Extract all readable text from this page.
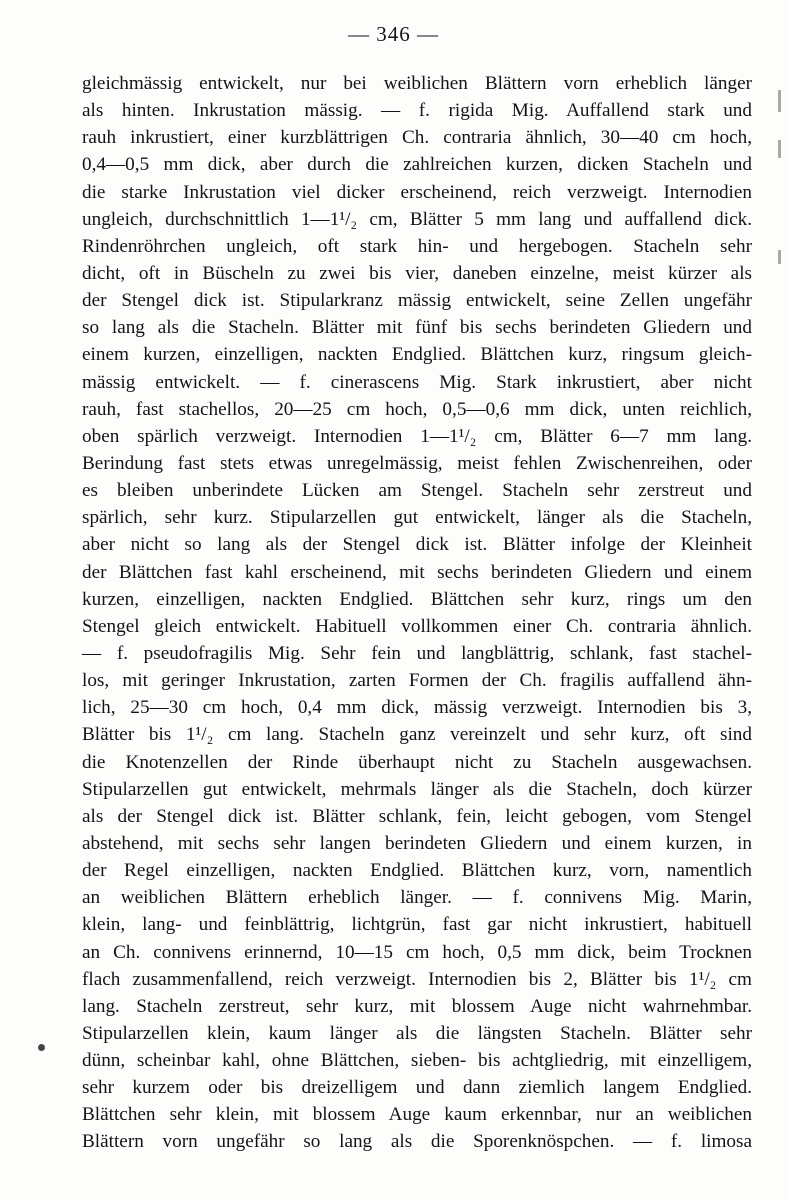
— 346 —
gleichmässig entwickelt, nur bei weiblichen Blättern vorn erheblich länger
als hinten. Inkrustation mässig. — f. rigida Mig. Auffallend stark und
rauh inkrustiert, einer kurzblättrigen Ch. contraria ähnlich, 30—40 cm hoch,
0,4—0,5 mm dick, aber durch die zahlreichen kurzen, dicken Stacheln und
die starke Inkrustation viel dicker erscheinend, reich verzweigt. Internodien
ungleich, durchschnittlich 1—1¹/₂ cm, Blätter 5 mm lang und auffallend dick.
Rindenröhrchen ungleich, oft stark hin- und hergebogen. Stacheln sehr
dicht, oft in Büscheln zu zwei bis vier, daneben einzelne, meist kürzer als
der Stengel dick ist. Stipularkranz mässig entwickelt, seine Zellen ungefähr
so lang als die Stacheln. Blätter mit fünf bis sechs berindeten Gliedern und
einem kurzen, einzelligen, nackten Endglied. Blättchen kurz, ringsum gleich-
mässig entwickelt. — f. cinerascens Mig. Stark inkrustiert, aber nicht
rauh, fast stachellos, 20—25 cm hoch, 0,5—0,6 mm dick, unten reichlich,
oben spärlich verzweigt. Internodien 1—1¹/₂ cm, Blätter 6—7 mm lang.
Berindung fast stets etwas unregelmässig, meist fehlen Zwischenreihen, oder
es bleiben unberindete Lücken am Stengel. Stacheln sehr zerstreut und
spärlich, sehr kurz. Stipularzellen gut entwickelt, länger als die Stacheln,
aber nicht so lang als der Stengel dick ist. Blätter infolge der Kleinheit
der Blättchen fast kahl erscheinend, mit sechs berindeten Gliedern und einem
kurzen, einzelligen, nackten Endglied. Blättchen sehr kurz, rings um den
Stengel gleich entwickelt. Habituell vollkommen einer Ch. contraria ähnlich.
— f. pseudofragilis Mig. Sehr fein und langblättrig, schlank, fast stachel-
los, mit geringer Inkrustation, zarten Formen der Ch. fragilis auffallend ähn-
lich, 25—30 cm hoch, 0,4 mm dick, mässig verzweigt. Internodien bis 3,
Blätter bis 1¹/₂ cm lang. Stacheln ganz vereinzelt und sehr kurz, oft sind
die Knotenzellen der Rinde überhaupt nicht zu Stacheln ausgewachsen.
Stipularzellen gut entwickelt, mehrmals länger als die Stacheln, doch kürzer
als der Stengel dick ist. Blätter schlank, fein, leicht gebogen, vom Stengel
abstehend, mit sechs sehr langen berindeten Gliedern und einem kurzen, in
der Regel einzelligen, nackten Endglied. Blättchen kurz, vorn, namentlich
an weiblichen Blättern erheblich länger. — f. connivens Mig. Marin,
klein, lang- und feinblättrig, lichtgrün, fast gar nicht inkrustiert, habituell
an Ch. connivens erinnernd, 10—15 cm hoch, 0,5 mm dick, beim Trocknen
flach zusammenfallend, reich verzweigt. Internodien bis 2, Blätter bis 1¹/₂ cm
lang. Stacheln zerstreut, sehr kurz, mit blossem Auge nicht wahrnehmbar.
Stipularzellen klein, kaum länger als die längsten Stacheln. Blätter sehr
dünn, scheinbar kahl, ohne Blättchen, sieben- bis achtgliedrig, mit einzelligem,
sehr kurzem oder bis dreizelligem und dann ziemlich langem Endglied.
Blättchen sehr klein, mit blossem Auge kaum erkennbar, nur an weiblichen
Blättern vorn ungefähr so lang als die Sporenknöspchen. — f. limosa
